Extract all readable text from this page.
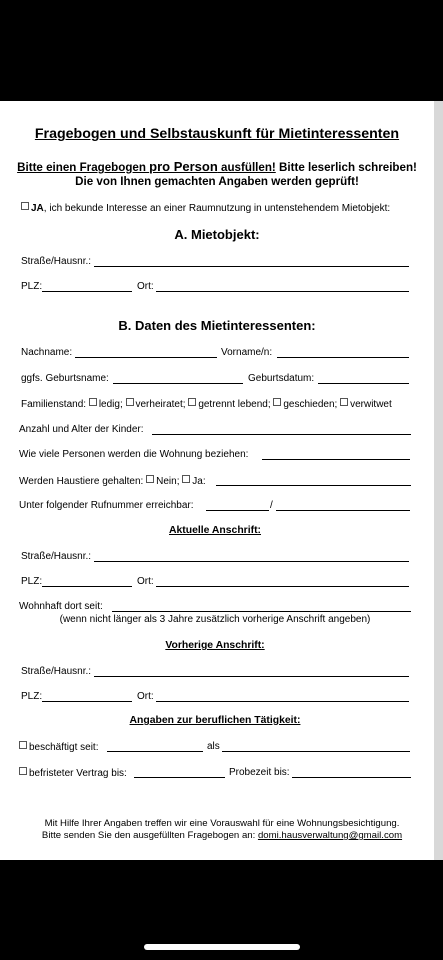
Fragebogen und Selbstauskunft für Mietinteressenten
Bitte einen Fragebogen pro Person ausfüllen! Bitte leserlich schreiben!
Die von Ihnen gemachten Angaben werden geprüft!
JA, ich bekunde Interesse an einer Raumnutzung in untenstehendem Mietobjekt:
A. Mietobjekt:
Straße/Hausnr.:
PLZ:	Ort:
B. Daten des Mietinteressenten:
Nachname:	Vorname/n:
ggfs. Geburtsname:	Geburtsdatum:
Familienstand: ledig; verheiratet; getrennt lebend; geschieden; verwitwet
Anzahl und Alter der Kinder:
Wie viele Personen werden die Wohnung beziehen:
Werden Haustiere gehalten: Nein; Ja:
Unter folgender Rufnummer erreichbar:	/
Aktuelle Anschrift:
Straße/Hausnr.:
PLZ:	Ort:
Wohnhaft dort seit:
(wenn nicht länger als 3 Jahre zusätzlich vorherige Anschrift angeben)
Vorherige Anschrift:
Straße/Hausnr.:
PLZ:	Ort:
Angaben zur beruflichen Tätigkeit:
beschäftigt seit:	als
befristeter Vertrag bis:	Probezeit bis:
Mit Hilfe Ihrer Angaben treffen wir eine Vorauswahl für eine Wohnungsbesichtigung.
Bitte senden Sie den ausgefüllten Fragebogen an: domi.hausverwaltung@gmail.com
